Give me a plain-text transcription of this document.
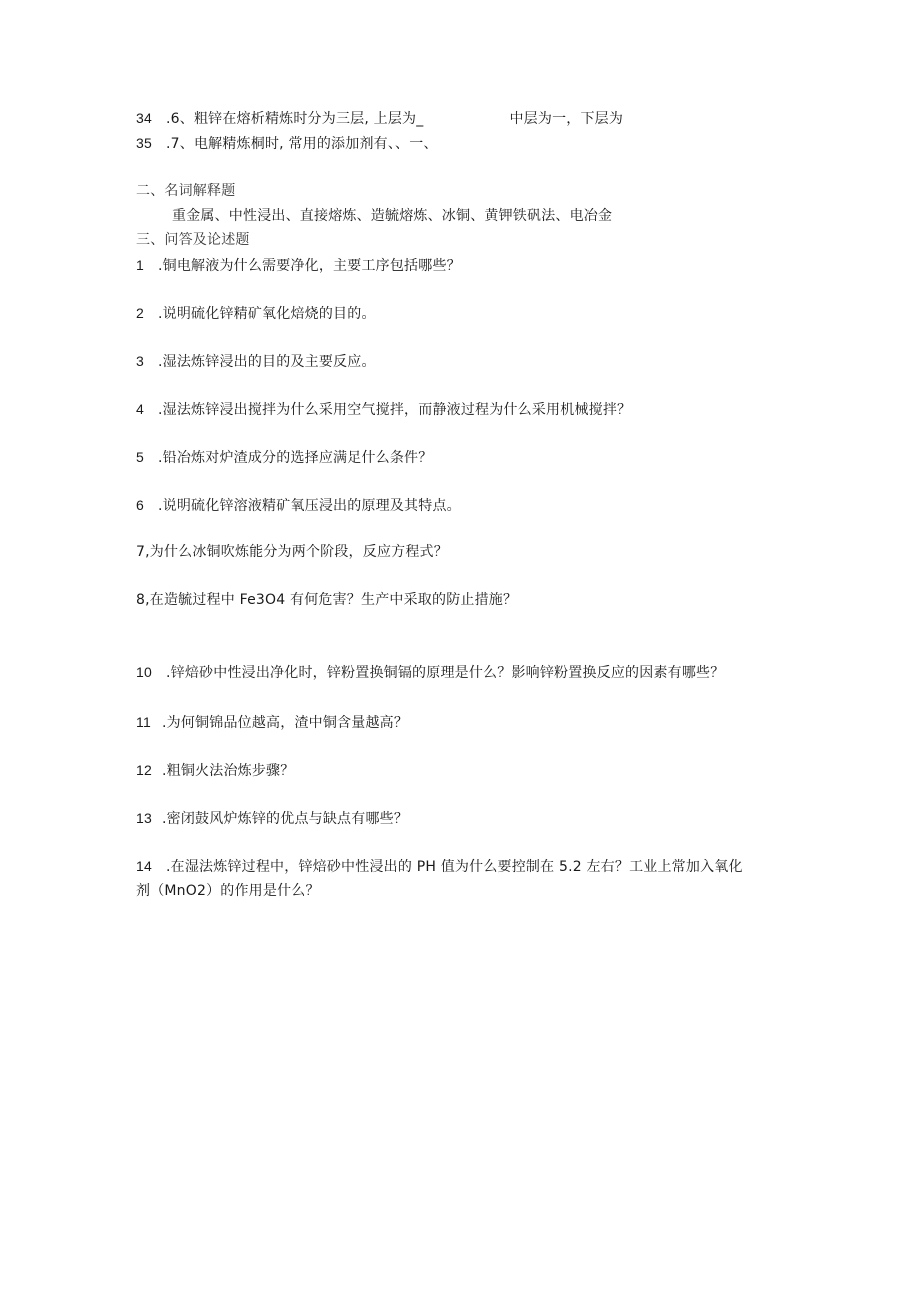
34 .6、粗锌在熔析精炼时分为三层, 上层为_	中层为一，下层为
35 .7、电解精炼桐时, 常用的添加剂有、、一、
二、名词解释题
重金属、中性浸出、直接熔炼、造毓熔炼、冰铜、黄钾铁矾法、电冶金
三、问答及论述题
1 .铜电解液为什么需要净化，主要工序包括哪些？
2 .说明硫化锌精矿氧化焙烧的目的。
3 .湿法炼锌浸出的目的及主要反应。
4 .湿法炼锌浸出搅拌为什么采用空气搅拌，而静液过程为什么采用机械搅拌？
5 .铅冶炼对炉渣成分的选择应满足什么条件？
6 .说明硫化锌溶液精矿氧压浸出的原理及其特点。
7,为什么冰铜吹炼能分为两个阶段，反应方程式？
8,在造毓过程中 Fe3O4 有何危害？生产中采取的防止措施？
10 .锌焙砂中性浸出净化时，锌粉置换铜镉的原理是什么？影响锌粉置换反应的因素有哪些？
11 .为何铜锦品位越高，渣中铜含量越高？
12 .粗铜火法治炼步骤？
13 .密闭鼓风炉炼锌的优点与缺点有哪些？
14 .在湿法炼锌过程中，锌焙砂中性浸出的 PH 值为什么要控制在 5.2 左右？工业上常加入氧化
剂（MnO2）的作用是什么？
